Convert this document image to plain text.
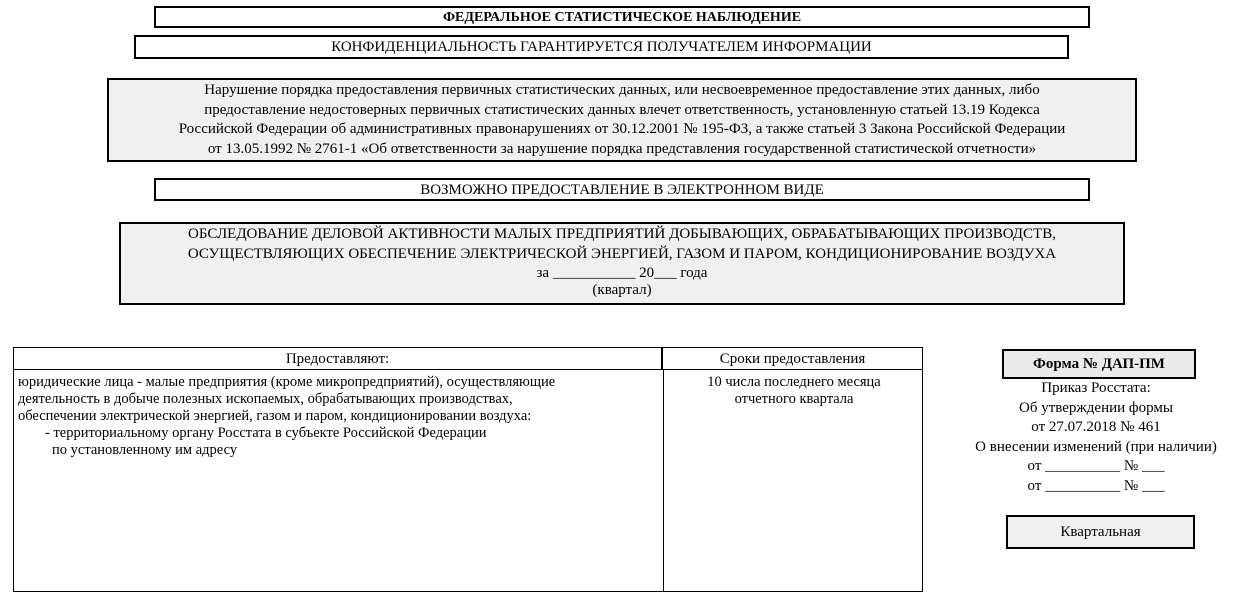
ФЕДЕРАЛЬНОЕ СТАТИСТИЧЕСКОЕ НАБЛЮДЕНИЕ
КОНФИДЕНЦИАЛЬНОСТЬ ГАРАНТИРУЕТСЯ ПОЛУЧАТЕЛЕМ ИНФОРМАЦИИ
Нарушение порядка предоставления первичных статистических данных, или несвоевременное предоставление этих данных, либо
предоставление недостоверных первичных статистических данных влечет ответственность, установленную статьей 13.19 Кодекса
Российской Федерации об административных правонарушениях от 30.12.2001 № 195-ФЗ, а также статьей 3 Закона Российской Федерации
от 13.05.1992 № 2761-1 «Об ответственности за нарушение порядка представления государственной статистической отчетности»
ВОЗМОЖНО ПРЕДОСТАВЛЕНИЕ В ЭЛЕКТРОННОМ ВИДЕ
ОБСЛЕДОВАНИЕ ДЕЛОВОЙ АКТИВНОСТИ МАЛЫХ ПРЕДПРИЯТИЙ ДОБЫВАЮЩИХ, ОБРАБАТЫВАЮЩИХ ПРОИЗВОДСТВ,
ОСУЩЕСТВЛЯЮЩИХ ОБЕСПЕЧЕНИЕ ЭЛЕКТРИЧЕСКОЙ ЭНЕРГИЕЙ, ГАЗОМ И ПАРОМ, КОНДИЦИОНИРОВАНИЕ ВОЗДУХА
за ___________ 20___ года
(квартал)
Предоставляют:	Сроки предоставления
юридические лица - малые предприятия (кроме микропредприятий), осуществляющие
деятельность в добыче полезных ископаемых, обрабатывающих производствах,
обеспечении электрической энергией, газом и паром, кондиционировании воздуха:
- территориальному органу Росстата в субъекте Российской Федерации
по установленному им адресу
10 числа последнего месяца
отчетного квартала
Форма № ДАП-ПМ
Приказ Росстата:
Об утверждении формы
от 27.07.2018 № 461
О внесении изменений (при наличии)
от __________ № ___
от __________ № ___
Квартальная
